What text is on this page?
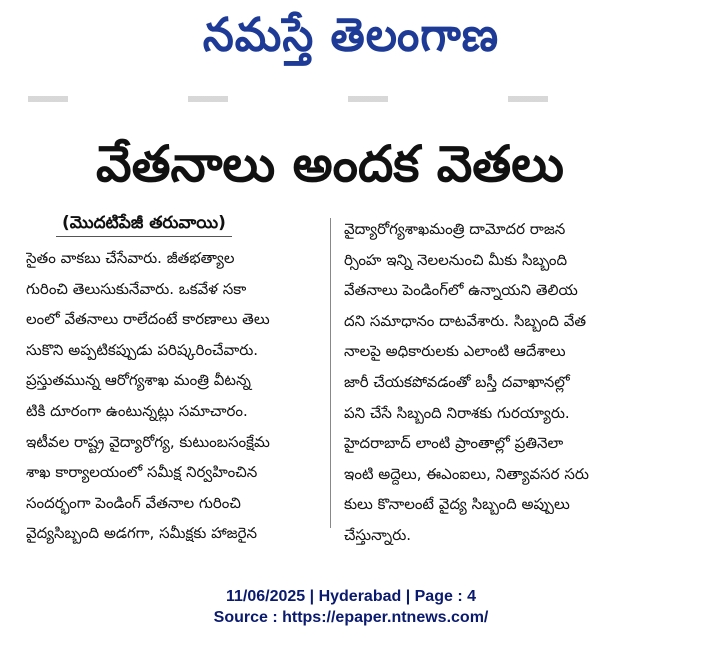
నమస్తే తెలంగాణ
వేతనాలు అందక వెతలు
(మొదటిపేజీ తరువాయి)
సైతం వాకబు చేసేవారు. జీతభత్యాల
గురించి తెలుసుకునేవారు. ఒకవేళ సకా
లంలో వేతనాలు రాలేదంటే కారణాలు తెలు
సుకొని అప్పటికప్పుడు పరిష్కరించేవారు.
ప్రస్తుతమున్న ఆరోగ్యశాఖ మంత్రి వీటన్న
టికి దూరంగా ఉంటున్నట్లు సమాచారం.
ఇటీవల రాష్ట్ర వైద్యారోగ్య, కుటుంబసంక్షేమ
శాఖ కార్యాలయంలో సమీక్ష నిర్వహించిన
సందర్భంగా పెండింగ్ వేతనాల గురించి
వైద్యసిబ్బంది అడగగా, సమీక్షకు హాజరైన
వైద్యారోగ్యశాఖమంత్రి దామోదర రాజన
ర్సింహ ఇన్ని నెలలనుంచి మీకు సిబ్బంది
వేతనాలు పెండింగ్‌లో ఉన్నాయని తెలియ
దని సమాధానం దాటవేశారు. సిబ్బంది వేత
నాలపై అధికారులకు ఎలాంటి ఆదేశాలు
జారీ చేయకపోవడంతో బస్తీ దవాఖానల్లో
పని చేసే సిబ్బంది నిరాశకు గురయ్యారు.
హైదరాబాద్ లాంటి ప్రాంతాల్లో ప్రతినెలా
ఇంటి అద్దెలు, ఈఎంఐలు, నిత్యావసర సరు
కులు కొనాలంటే వైద్య సిబ్బంది అప్పులు
చేస్తున్నారు.
11/06/2025 | Hyderabad | Page : 4
Source : https://epaper.ntnews.com/
